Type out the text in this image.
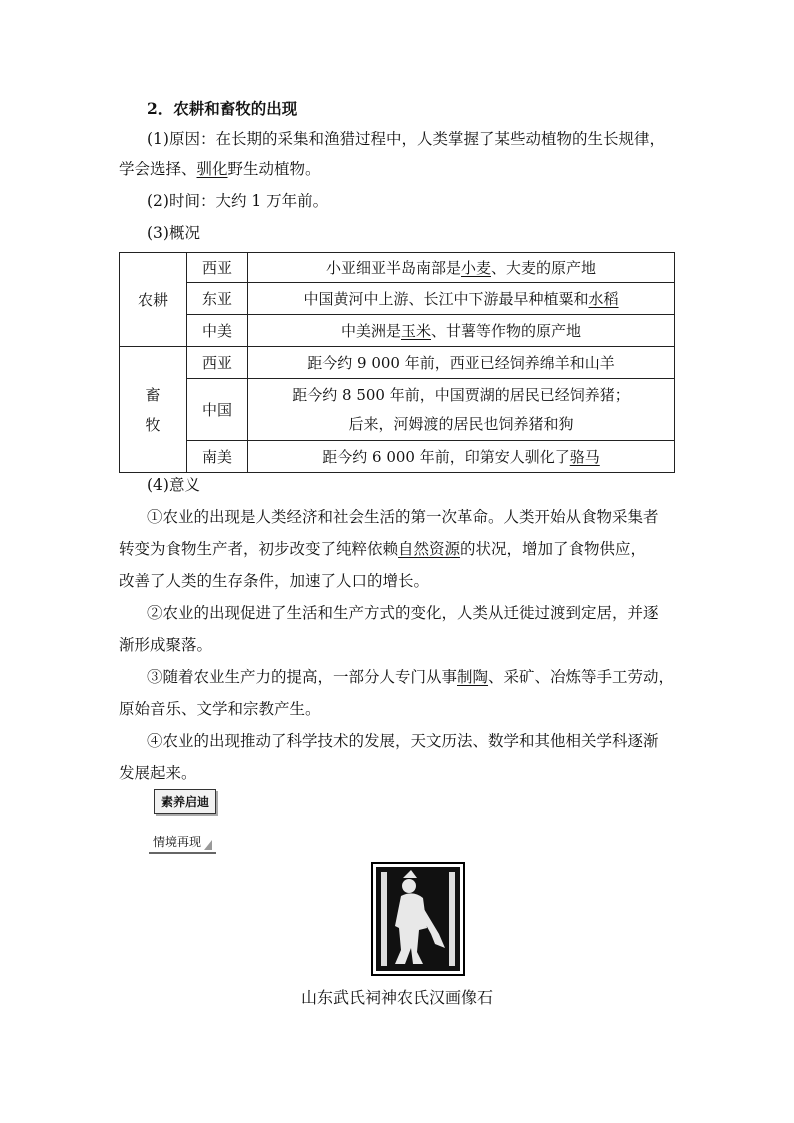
2．农耕和畜牧的出现
(1)原因：在长期的采集和渔猎过程中，人类掌握了某些动植物的生长规律，
学会选择、驯化野生动植物。
(2)时间：大约 1 万年前。
(3)概况
农耕	西亚	小亚细亚半岛南部是小麦、大麦的原产地
	东亚	中国黄河中上游、长江中下游最早种植粟和水稻
	中美	中美洲是玉米、甘薯等作物的原产地
畜
牧	西亚	距今约 9 000 年前，西亚已经饲养绵羊和山羊
	中国	距今约 8 500 年前，中国贾湖的居民已经饲养猪；
后来，河姆渡的居民也饲养猪和狗
	南美	距今约 6 000 年前，印第安人驯化了骆马
(4)意义
①农业的出现是人类经济和社会生活的第一次革命。人类开始从食物采集者
转变为食物生产者，初步改变了纯粹依赖自然资源的状况，增加了食物供应，
改善了人类的生存条件，加速了人口的增长。
②农业的出现促进了生活和生产方式的变化，人类从迁徙过渡到定居，并逐
渐形成聚落。
③随着农业生产力的提高，一部分人专门从事制陶、采矿、冶炼等手工劳动，
原始音乐、文学和宗教产生。
④农业的出现推动了科学技术的发展，天文历法、数学和其他相关学科逐渐
发展起来。
素养启迪
情境再现
山东武氏祠神农氏汉画像石
